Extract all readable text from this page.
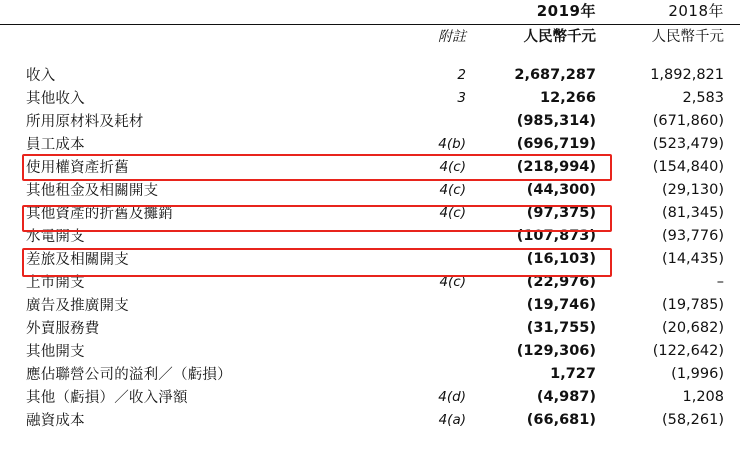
		2019年	2018年

	附註	人民幣千元	人民幣千元

收入	2	2,687,287	1,892,821
其他收入	3	12,266	2,583
所用原材料及耗材		(985,314)	(671,860)
員工成本	4(b)	(696,719)	(523,479)
使用權資產折舊	4(c)	(218,994)	(154,840)
其他租金及相關開支	4(c)	(44,300)	(29,130)
其他資產的折舊及攤銷	4(c)	(97,375)	(81,345)
水電開支		(107,873)	(93,776)
差旅及相關開支		(16,103)	(14,435)
上市開支	4(c)	(22,976)	–
廣告及推廣開支		(19,746)	(19,785)
外賣服務費		(31,755)	(20,682)
其他開支		(129,306)	(122,642)
應佔聯營公司的溢利／（虧損）		1,727	(1,996)
其他（虧損）／收入淨額	4(d)	(4,987)	1,208
融資成本	4(a)	(66,681)	(58,261)
